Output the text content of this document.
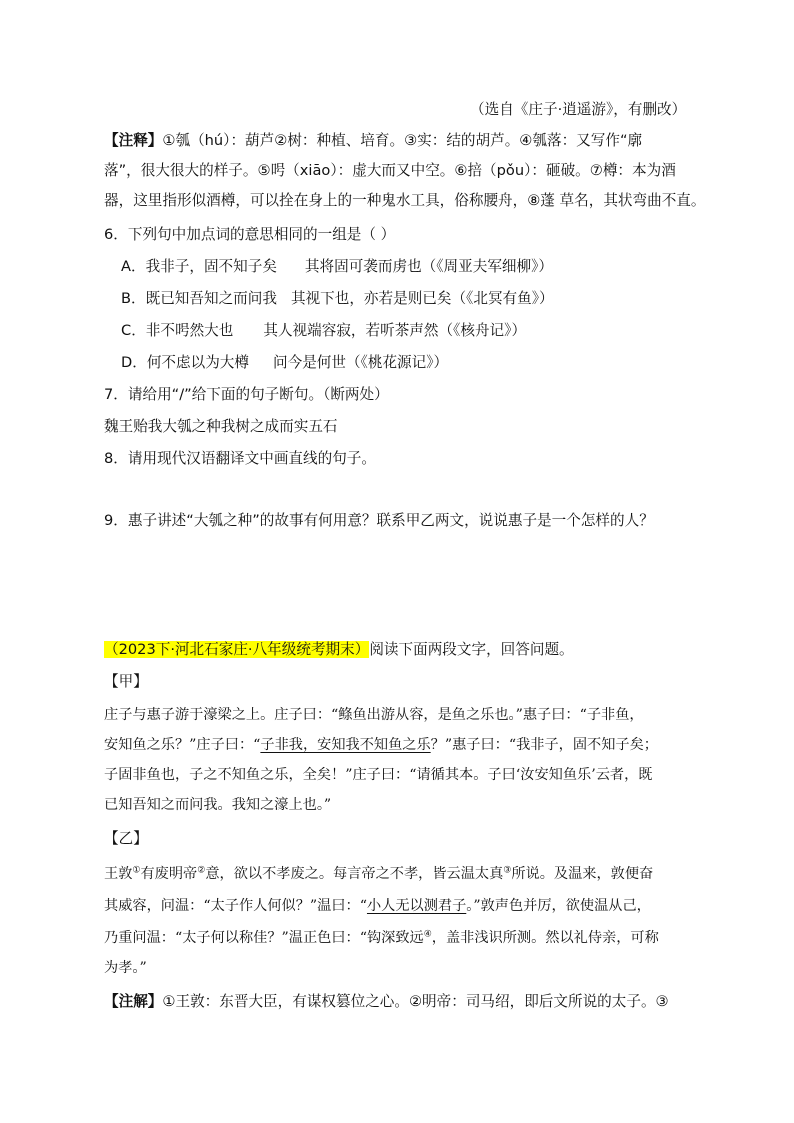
（选自《庄子·逍遥游》，有删改）
【注释】①瓠（hú）：葫芦②树：种植、培育。③实：结的胡芦。④瓠落：又写作“廓
落”，很大很大的样子。⑤呺（xiāo）：虚大而又中空。⑥掊（pǒu）：砸破。⑦樽：本为酒
器，这里指形似酒樽，可以拴在身上的一种鬼水工具，俗称腰舟，⑧蓬 草名，其状弯曲不直。
6．下列句中加点词的意思相同的一组是（ ）
A．我非子，固不知子矣 其将固可袭而虏也（《周亚夫军细柳》）
B．既已知吾知之而问我 其视下也，亦若是则已矣（《北冥有鱼》）
C．非不呺然大也 其人视端容寂，若听茶声然（《核舟记》）
D．何不虑以为大樽 问今是何世（《桃花源记》）
7．请给用“/”给下面的句子断句。（断两处）
魏王贻我大瓠之种我树之成而实五石
8．请用现代汉语翻译文中画直线的句子。
9．惠子讲述“大瓠之种”的故事有何用意？联系甲乙两文，说说惠子是一个怎样的人？
（2023下·河北石家庄·八年级统考期末）阅读下面两段文字，回答问题。
【甲】
庄子与惠子游于濠梁之上。庄子曰：“鲦鱼出游从容，是鱼之乐也。”惠子曰：“子非鱼，
安知鱼之乐？”庄子曰：“子非我，安知我不知鱼之乐？”惠子曰：“我非子，固不知子矣；
子固非鱼也，子之不知鱼之乐，全矣！”庄子曰：“请循其本。子曰‘汝安知鱼乐’云者，既
已知吾知之而问我。我知之濠上也。”
【乙】
王敦①有废明帝②意，欲以不孝废之。每言帝之不孝，皆云温太真③所说。及温来，敦便奋
其威容，问温：“太子作人何似？”温曰：“小人无以测君子。”敦声色并厉，欲使温从己，
乃重问温：“太子何以称佳？”温正色曰：“钩深致远④，盖非浅识所测。然以礼侍亲，可称
为孝。”
【注解】①王敦：东晋大臣，有谋权篡位之心。②明帝：司马绍，即后文所说的太子。③
